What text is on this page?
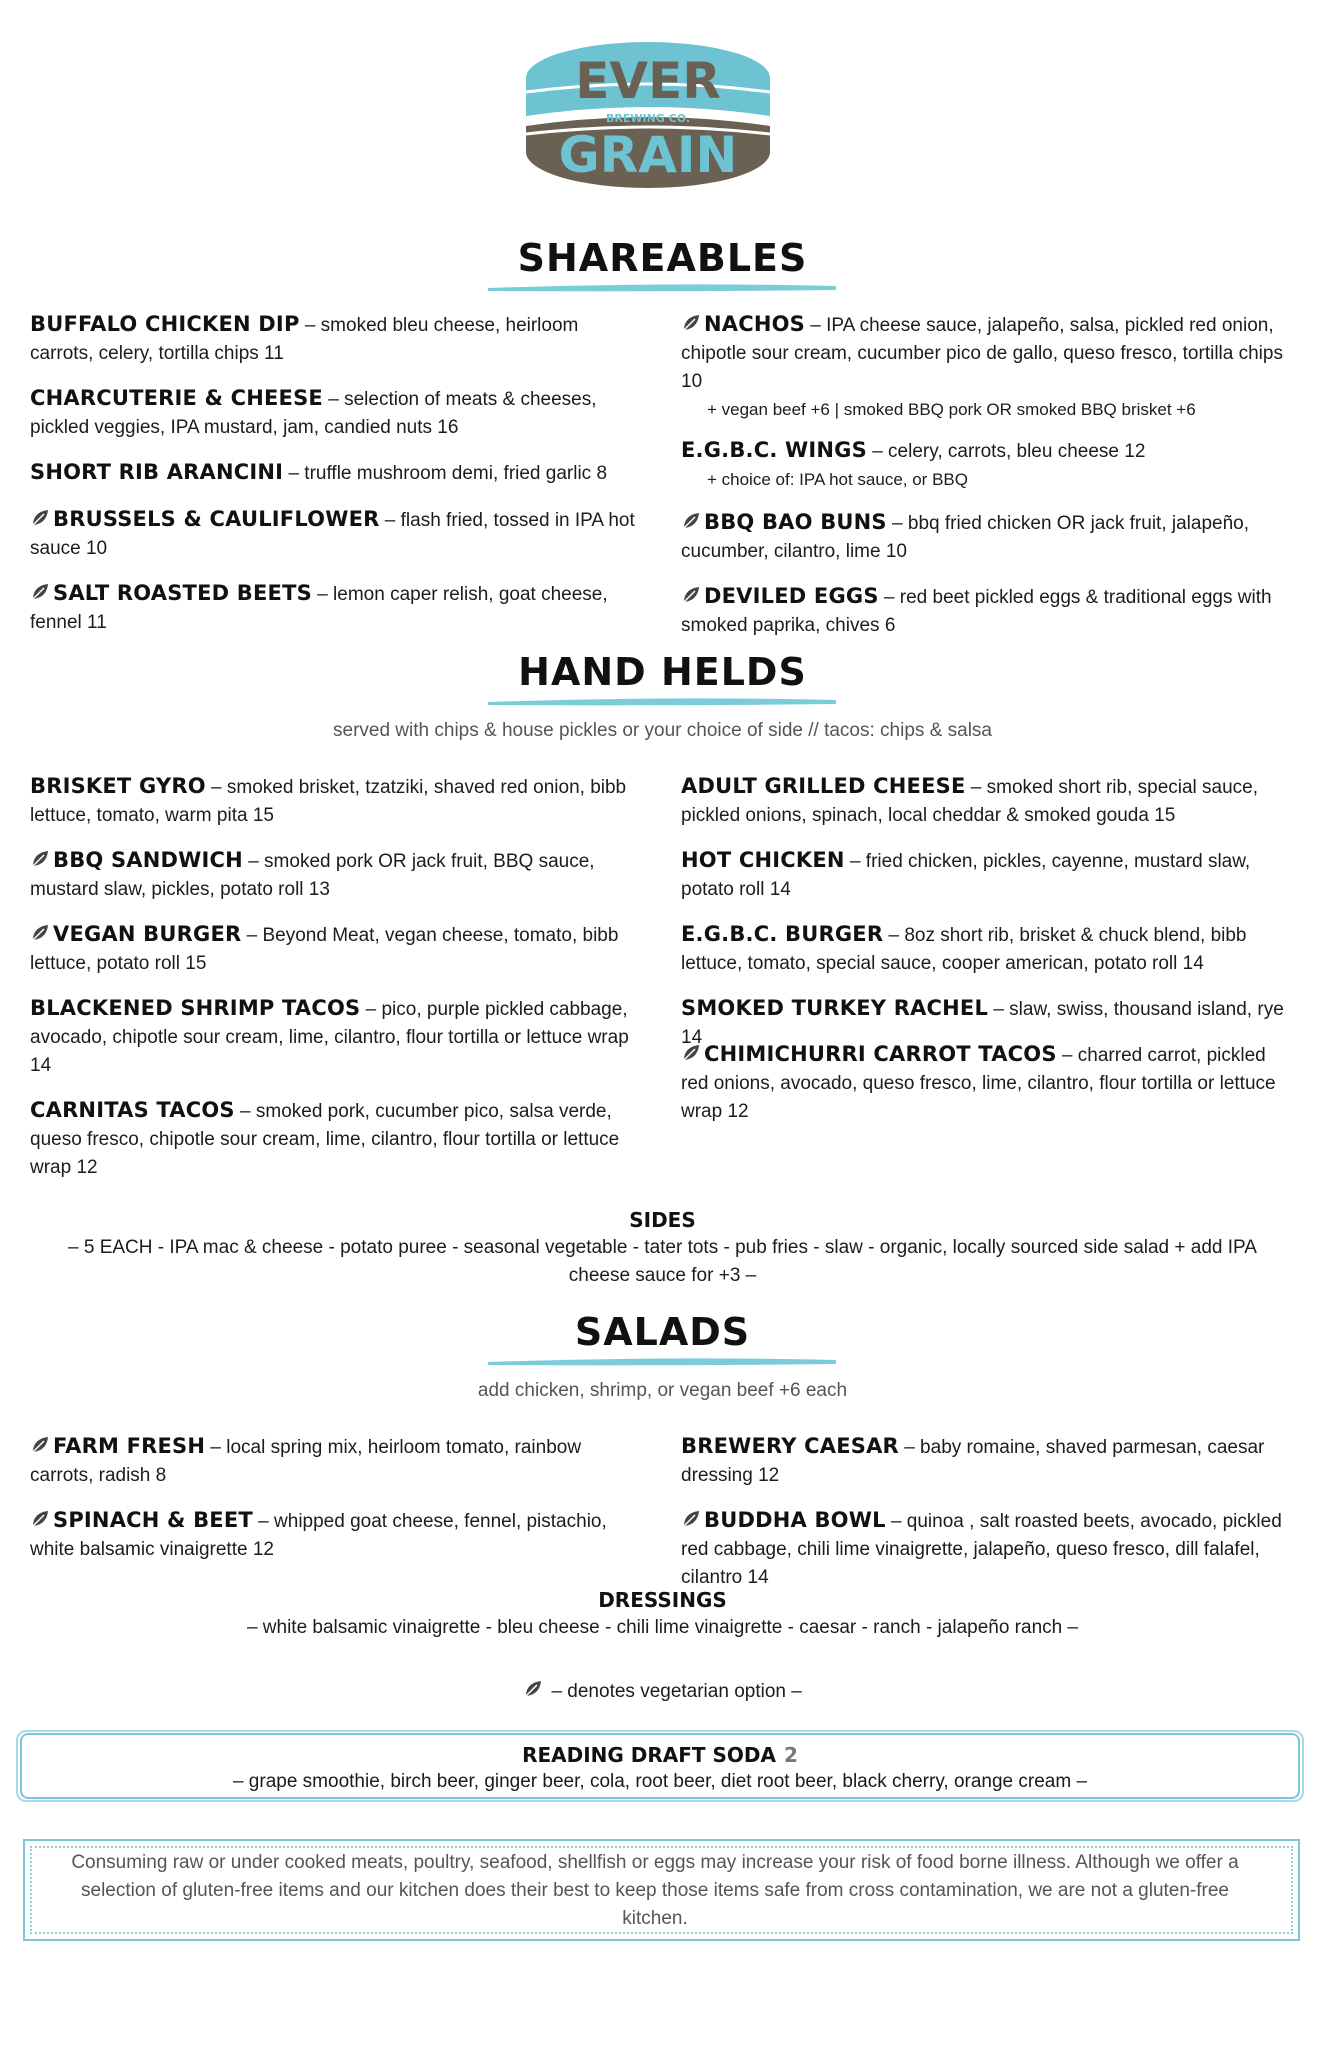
EVER
BREWING CO.
GRAIN
SHAREABLES
BUFFALO CHICKEN DIP – smoked bleu cheese, heirloom carrots, celery, tortilla chips 11
CHARCUTERIE & CHEESE – selection of meats & cheeses, pickled veggies, IPA mustard, jam, candied nuts 16
SHORT RIB ARANCINI – truffle mushroom demi, fried garlic 8
BRUSSELS & CAULIFLOWER – flash fried, tossed in IPA hot sauce 10
SALT ROASTED BEETS – lemon caper relish, goat cheese, fennel 11
NACHOS – IPA cheese sauce, jalapeño, salsa, pickled red onion, chipotle sour cream, cucumber pico de gallo, queso fresco, tortilla chips 10
+ vegan beef +6 | smoked BBQ pork OR smoked BBQ brisket +6
E.G.B.C. WINGS – celery, carrots, bleu cheese 12
+ choice of: IPA hot sauce, or BBQ
BBQ BAO BUNS – bbq fried chicken OR jack fruit, jalapeño, cucumber, cilantro, lime 10
DEVILED EGGS – red beet pickled eggs & traditional eggs with smoked paprika, chives 6
HAND HELDS
served with chips & house pickles or your choice of side // tacos: chips & salsa
BRISKET GYRO – smoked brisket, tzatziki, shaved red onion, bibb lettuce, tomato, warm pita 15
BBQ SANDWICH – smoked pork OR jack fruit, BBQ sauce, mustard slaw, pickles, potato roll 13
VEGAN BURGER – Beyond Meat, vegan cheese, tomato, bibb lettuce, potato roll 15
BLACKENED SHRIMP TACOS – pico, purple pickled cabbage, avocado, chipotle sour cream, lime, cilantro, flour tortilla or lettuce wrap 14
CARNITAS TACOS – smoked pork, cucumber pico, salsa verde, queso fresco, chipotle sour cream, lime, cilantro, flour tortilla or lettuce wrap 12
ADULT GRILLED CHEESE – smoked short rib, special sauce, pickled onions, spinach, local cheddar & smoked gouda 15
HOT CHICKEN – fried chicken, pickles, cayenne, mustard slaw, potato roll 14
E.G.B.C. BURGER – 8oz short rib, brisket & chuck blend, bibb lettuce, tomato, special sauce, cooper american, potato roll 14
SMOKED TURKEY RACHEL – slaw, swiss, thousand island, rye 14
CHIMICHURRI CARROT TACOS – charred carrot, pickled red onions, avocado, queso fresco, lime, cilantro, flour tortilla or lettuce wrap 12
SIDES
– 5 EACH - IPA mac & cheese - potato puree - seasonal vegetable - tater tots - pub fries - slaw - organic, locally sourced side salad + add IPA cheese sauce for +3 –
SALADS
add chicken, shrimp, or vegan beef +6 each
FARM FRESH – local spring mix, heirloom tomato, rainbow carrots, radish 8
SPINACH & BEET – whipped goat cheese, fennel, pistachio, white balsamic vinaigrette 12
BREWERY CAESAR – baby romaine, shaved parmesan, caesar dressing 12
BUDDHA BOWL – quinoa , salt roasted beets, avocado, pickled red cabbage, chili lime vinaigrette, jalapeño, queso fresco, dill falafel, cilantro 14
DRESSINGS
– white balsamic vinaigrette - bleu cheese - chili lime vinaigrette - caesar - ranch - jalapeño ranch –
– denotes vegetarian option –
READING DRAFT SODA 2
– grape smoothie, birch beer, ginger beer, cola, root beer, diet root beer, black cherry, orange cream –
Consuming raw or under cooked meats, poultry, seafood, shellfish or eggs may increase your risk of food borne illness. Although we offer a selection of gluten-free items and our kitchen does their best to keep those items safe from cross contamination, we are not a gluten-free kitchen.
